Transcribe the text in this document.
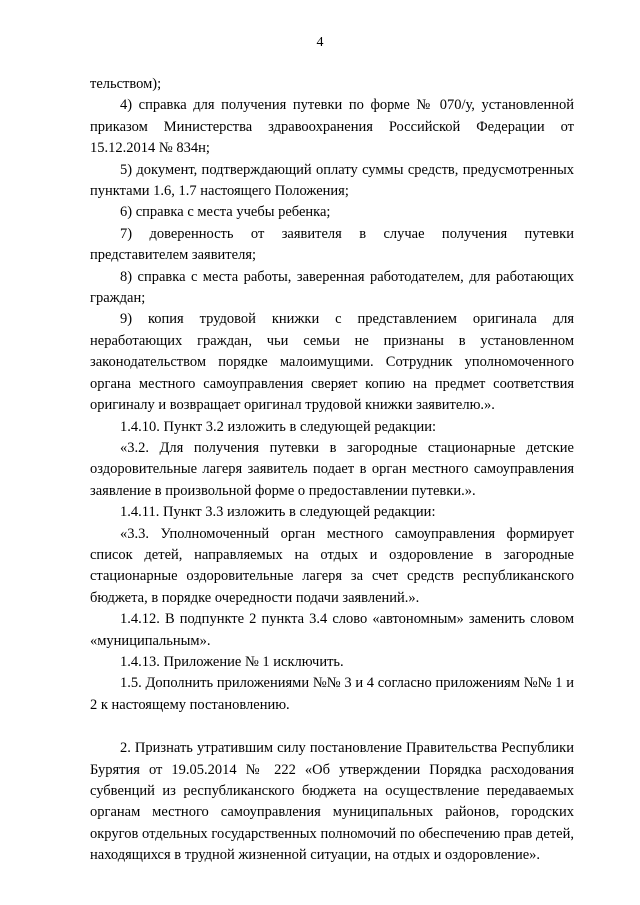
4

тельством);

4) справка для получения путевки по форме № 070/у, установленной приказом Министерства здравоохранения Российской Федерации от 15.12.2014 № 834н;

5) документ, подтверждающий оплату суммы средств, предусмотренных пунктами 1.6, 1.7 настоящего Положения;

6) справка с места учебы ребенка;

7) доверенность от заявителя в случае получения путевки представителем заявителя;

8) справка с места работы, заверенная работодателем, для работающих граждан;

9) копия трудовой книжки с представлением оригинала для неработающих граждан, чьи семьи не признаны в установленном законодательством порядке малоимущими. Сотрудник уполномоченного органа местного самоуправления сверяет копию на предмет соответствия оригиналу и возвращает оригинал трудовой книжки заявителю.».

1.4.10. Пункт 3.2 изложить в следующей редакции:

«3.2. Для получения путевки в загородные стационарные детские оздоровительные лагеря заявитель подает в орган местного самоуправления заявление в произвольной форме о предоставлении путевки.».

1.4.11. Пункт 3.3 изложить в следующей редакции:

«3.3. Уполномоченный орган местного самоуправления формирует список детей, направляемых на отдых и оздоровление в загородные стационарные оздоровительные лагеря за счет средств республиканского бюджета, в порядке очередности подачи заявлений.».

1.4.12. В подпункте 2 пункта 3.4 слово «автономным» заменить словом «муниципальным».

1.4.13. Приложение № 1 исключить.

1.5. Дополнить приложениями №№ 3 и 4 согласно приложениям №№ 1 и 2 к настоящему постановлению.

2. Признать утратившим силу постановление Правительства Республики Бурятия от 19.05.2014 № 222 «Об утверждении Порядка расходования субвенций из республиканского бюджета на осуществление передаваемых органам местного самоуправления муниципальных районов, городских округов отдельных государственных полномочий по обеспечению прав детей, находящихся в трудной жизненной ситуации, на отдых и оздоровление».
